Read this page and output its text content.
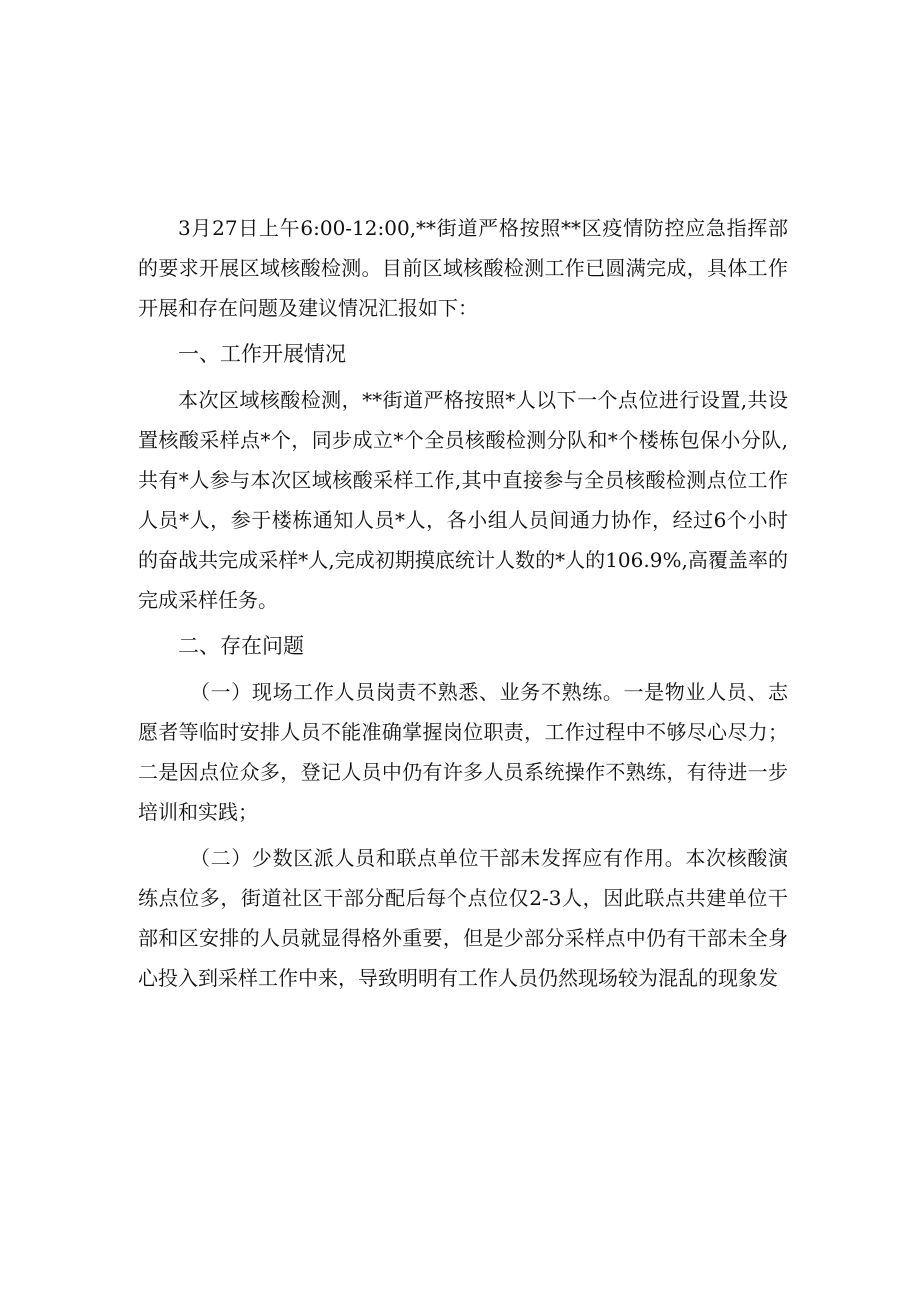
3月27日上午6:00-12:00,**街道严格按照**区疫情防控应急指挥部的要求开展区域核酸检测。目前区域核酸检测工作已圆满完成，具体工作开展和存在问题及建议情况汇报如下：

一、工作开展情况

本次区域核酸检测，**街道严格按照*人以下一个点位进行设置,共设置核酸采样点*个，同步成立*个全员核酸检测分队和*个楼栋包保小分队,共有*人参与本次区域核酸采样工作,其中直接参与全员核酸检测点位工作人员*人，参于楼栋通知人员*人，各小组人员间通力协作，经过6个小时的奋战共完成采样*人,完成初期摸底统计人数的*人的106.9%,高覆盖率的完成采样任务。

二、存在问题

（一）现场工作人员岗责不熟悉、业务不熟练。一是物业人员、志愿者等临时安排人员不能准确掌握岗位职责，工作过程中不够尽心尽力；二是因点位众多，登记人员中仍有许多人员系统操作不熟练，有待进一步培训和实践；

（二）少数区派人员和联点单位干部未发挥应有作用。本次核酸演练点位多，街道社区干部分配后每个点位仅2-3人，因此联点共建单位干部和区安排的人员就显得格外重要，但是少部分采样点中仍有干部未全身心投入到采样工作中来，导致明明有工作人员仍然现场较为混乱的现象发
